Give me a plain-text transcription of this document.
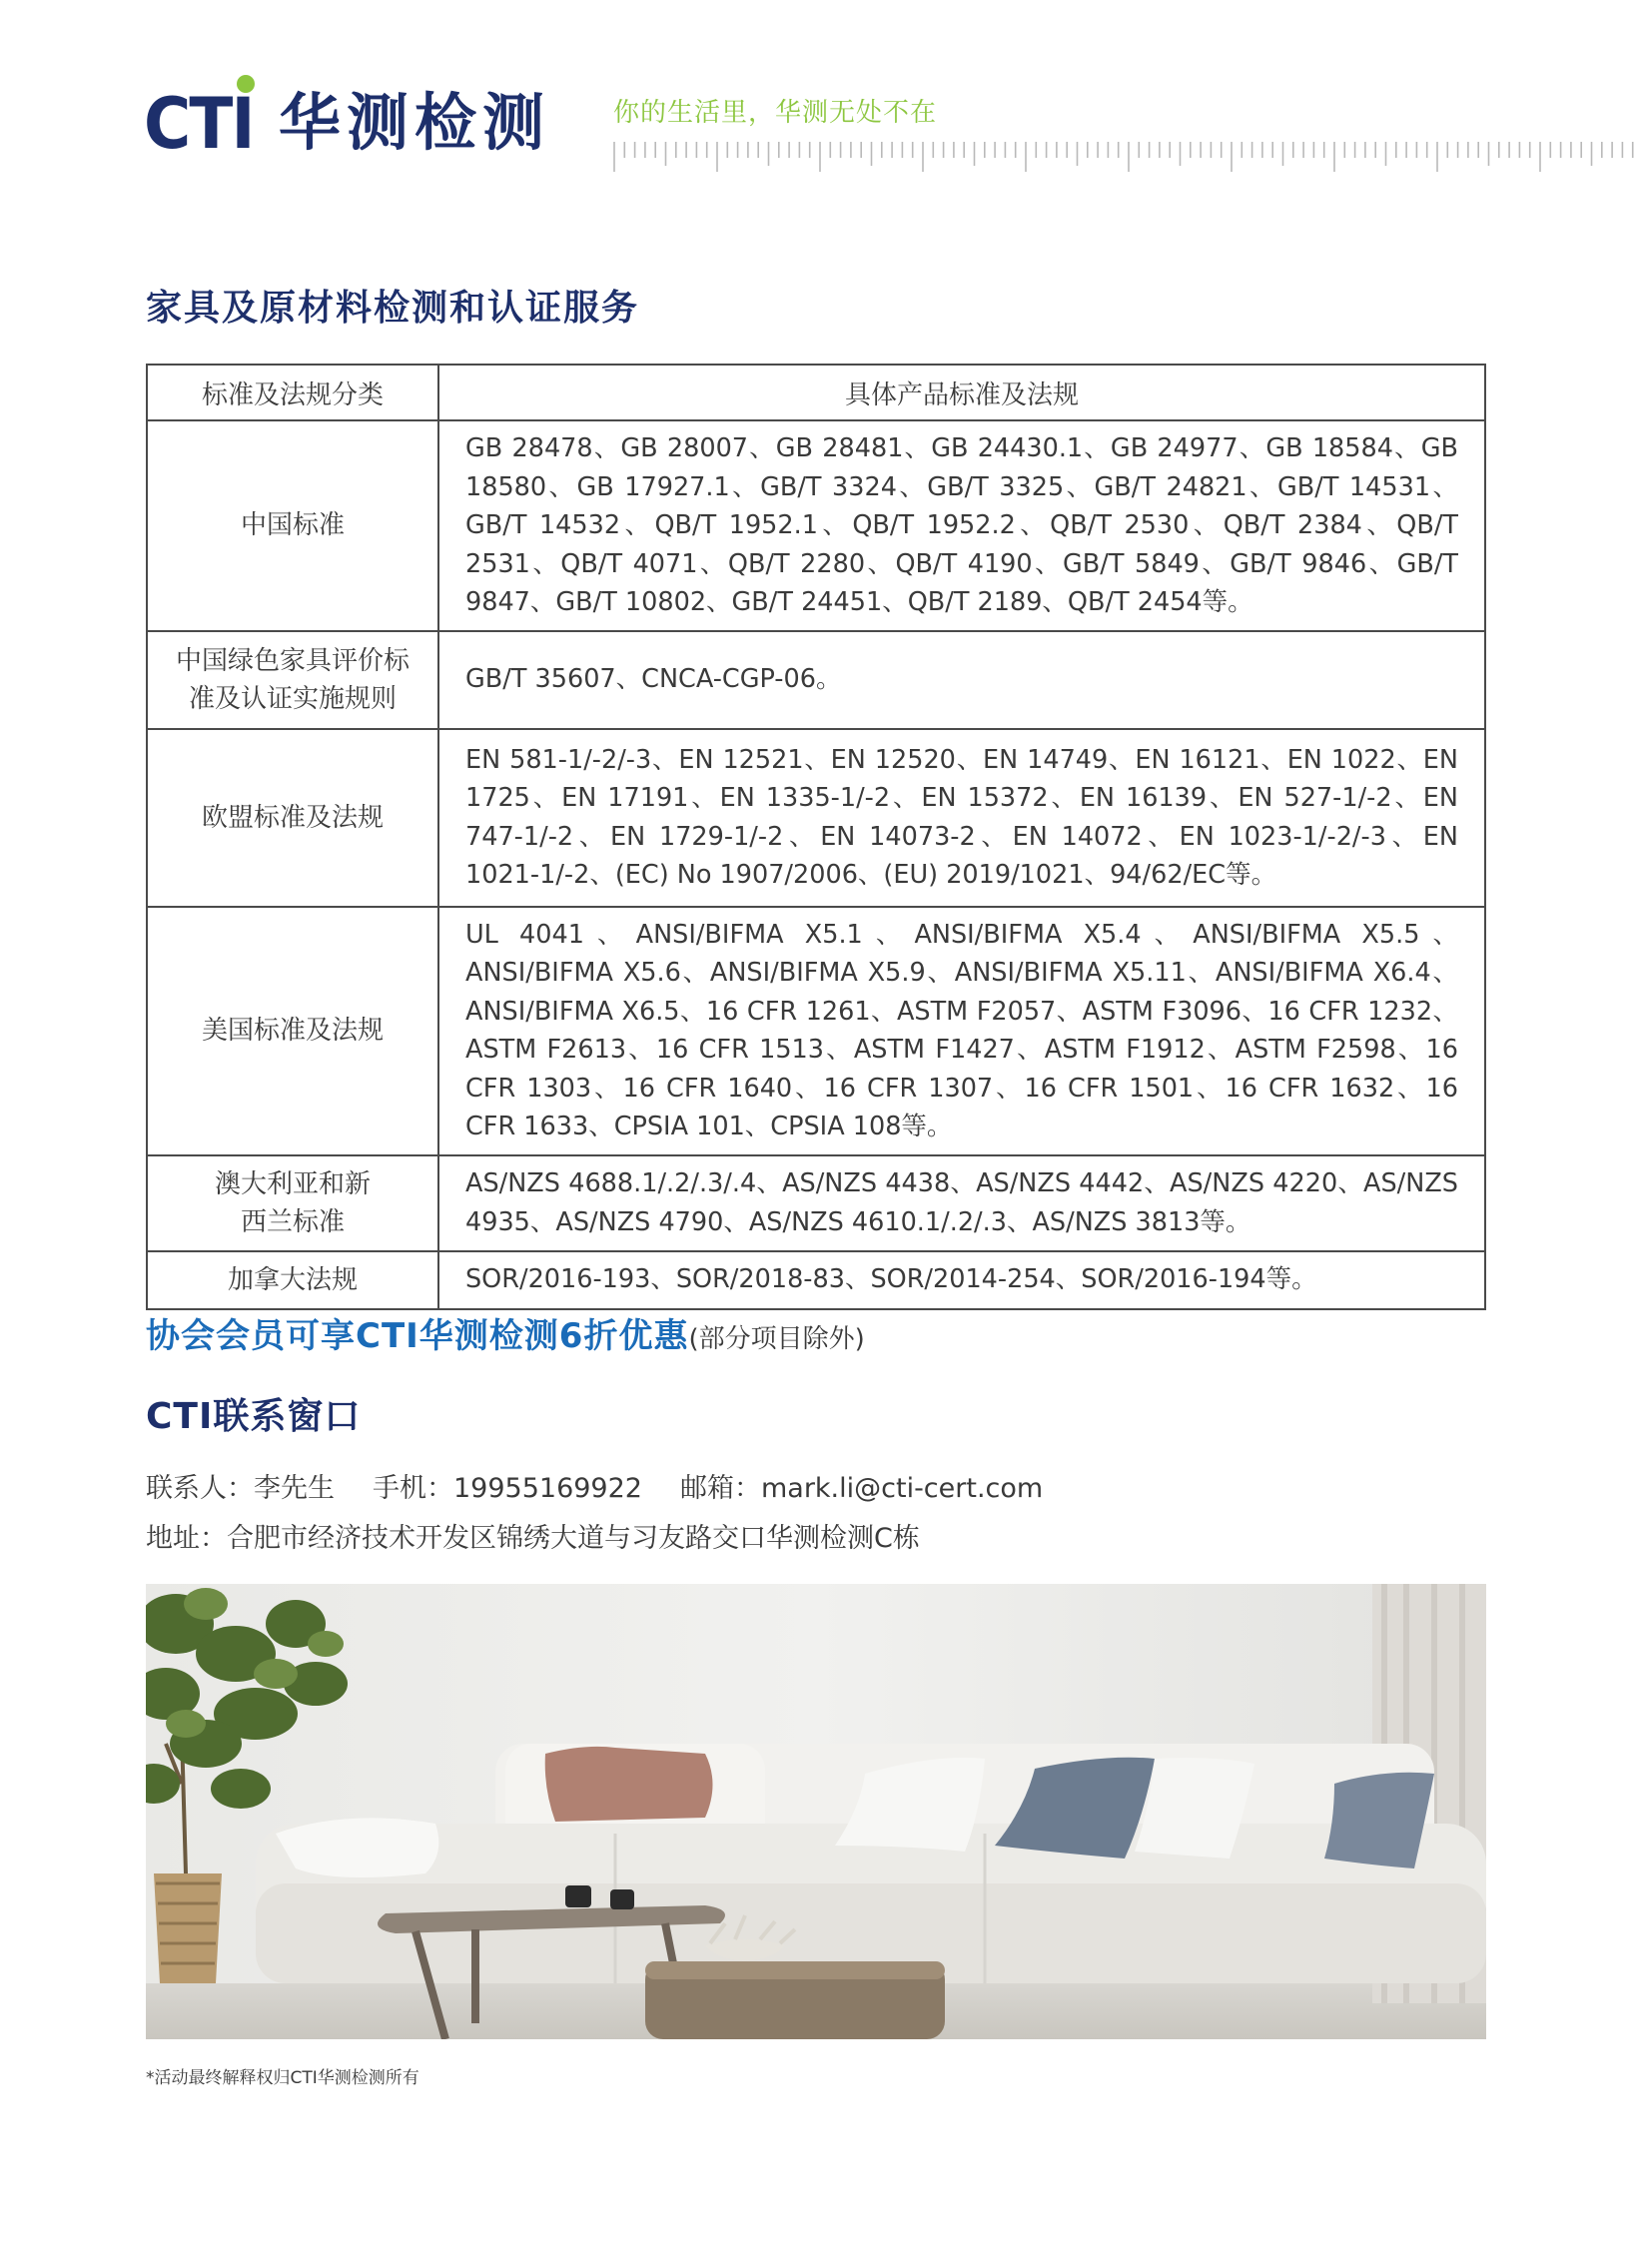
CTI 华测检测 你的生活里，华测无处不在
家具及原材料检测和认证服务
标准及法规分类	具体产品标准及法规
中国标准	GB 28478、GB 28007、GB 28481、GB 24430.1、GB 24977、GB 18584、GB 18580、GB 17927.1、GB/T 3324、GB/T 3325、GB/T 24821、GB/T 14531、GB/T 14532、QB/T 1952.1、QB/T 1952.2、QB/T 2530、QB/T 2384、QB/T 2531、QB/T 4071、QB/T 2280、QB/T 4190、GB/T 5849、GB/T 9846、GB/T 9847、GB/T 10802、GB/T 24451、QB/T 2189、QB/T 2454等。
中国绿色家具评价标准及认证实施规则	GB/T 35607、CNCA-CGP-06。
欧盟标准及法规	EN 581-1/-2/-3、EN 12521、EN 12520、EN 14749、EN 16121、EN 1022、EN 1725、EN 17191、EN 1335-1/-2、EN 15372、EN 16139、EN 527-1/-2、EN 747-1/-2、EN 1729-1/-2、EN 14073-2、EN 14072、EN 1023-1/-2/-3、EN 1021-1/-2、(EC) No 1907/2006、(EU) 2019/1021、94/62/EC等。
美国标准及法规	UL 4041、ANSI/BIFMA X5.1、ANSI/BIFMA X5.4、ANSI/BIFMA X5.5、ANSI/BIFMA X5.6、ANSI/BIFMA X5.9、ANSI/BIFMA X5.11、ANSI/BIFMA X6.4、ANSI/BIFMA X6.5、16 CFR 1261、ASTM F2057、ASTM F3096、16 CFR 1232、ASTM F2613、16 CFR 1513、ASTM F1427、ASTM F1912、ASTM F2598、16 CFR 1303、16 CFR 1640、16 CFR 1307、16 CFR 1501、16 CFR 1632、16 CFR 1633、CPSIA 101、CPSIA 108等。
澳大利亚和新西兰标准	AS/NZS 4688.1/.2/.3/.4、AS/NZS 4438、AS/NZS 4442、AS/NZS 4220、AS/NZS 4935、AS/NZS 4790、AS/NZS 4610.1/.2/.3、AS/NZS 3813等。
加拿大法规	SOR/2016-193、SOR/2018-83、SOR/2014-254、SOR/2016-194等。
协会会员可享CTI华测检测6折优惠(部分项目除外)
CTI联系窗口
联系人：李先生 手机：19955169922 邮箱：mark.li@cti-cert.com
地址：合肥市经济技术开发区锦绣大道与习友路交口华测检测C栋
*活动最终解释权归CTI华测检测所有
